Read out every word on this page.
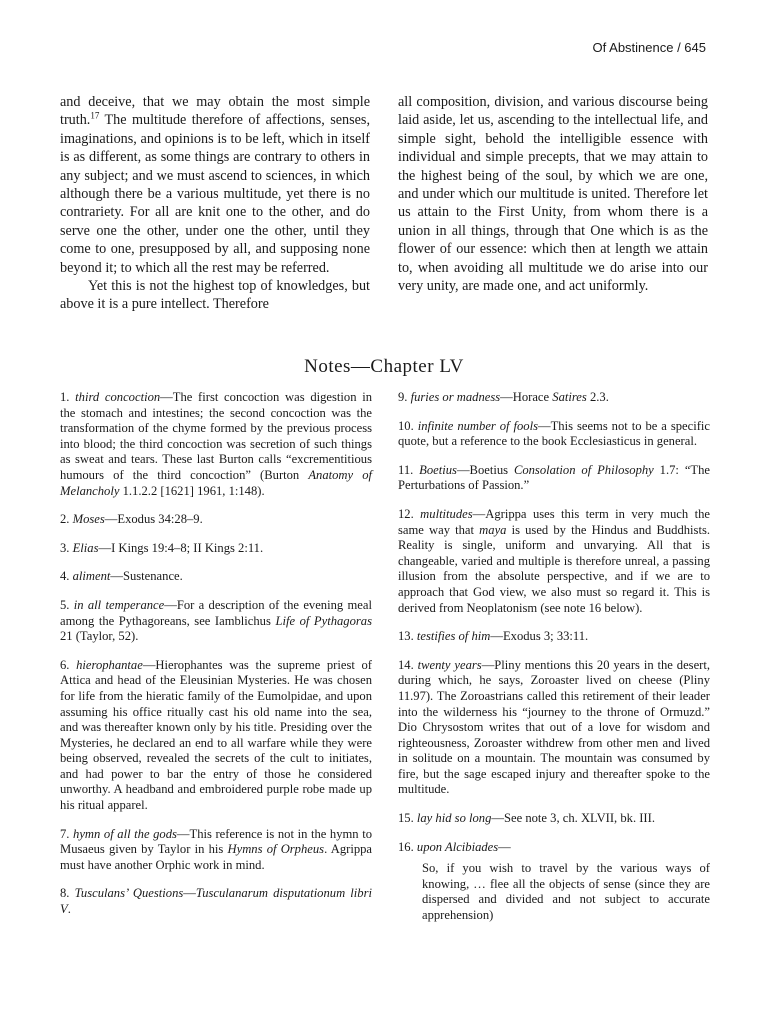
Of Abstinence / 645

and deceive, that we may obtain the most simple truth.$^{17}$ The multitude therefore of affections, senses, imaginations, and opinions is to be left, which in itself is as different, as some things are contrary to others in any subject; and we must ascend to sciences, in which although there be a various multitude, yet there is no contrariety. For all are knit one to the other, and do serve one the other, under one the other, until they come to one, presupposed by all, and supposing none beyond it; to which all the rest may be referred.

Yet this is not the highest top of knowledges, but above it is a pure intellect. Therefore

all composition, division, and various discourse being laid aside, let us, ascending to the intellectual life, and simple sight, behold the intelligible essence with individual and simple precepts, that we may attain to the highest being of the soul, by which we are one, and under which our multitude is united. Therefore let us attain to the First Unity, from whom there is a union in all things, through that One which is as the flower of our essence: which then at length we attain to, when avoiding all multitude we do arise into our very unity, are made one, and act uniformly.

Notes—Chapter LV

1. third concoction—The first concoction was digestion in the stomach and intestines; the second concoction was the transformation of the chyme formed by the previous process into blood; the third concoction was secretion of such things as sweat and tears. These last Burton calls “excrementitious humours of the third concoction” (Burton Anatomy of Melancholy 1.1.2.2 [1621] 1961, 1:148).

2. Moses—Exodus 34:28–9.

3. Elias—I Kings 19:4–8; II Kings 2:11.

4. aliment—Sustenance.

5. in all temperance—For a description of the evening meal among the Pythagoreans, see Iamblichus Life of Pythagoras 21 (Taylor, 52).

6. hierophantae—Hierophantes was the supreme priest of Attica and head of the Eleusinian Mysteries. He was chosen for life from the hieratic family of the Eumolpidae, and upon assuming his office ritually cast his old name into the sea, and was thereafter known only by his title. Presiding over the Mysteries, he declared an end to all warfare while they were being observed, revealed the secrets of the cult to initiates, and had power to bar the entry of those he considered unworthy. A headband and embroidered purple robe made up his ritual apparel.

7. hymn of all the gods—This reference is not in the hymn to Musaeus given by Taylor in his Hymns of Orpheus. Agrippa must have another Orphic work in mind.

8. Tusculans’ Questions—Tusculanarum disputationum libri V.

9. furies or madness—Horace Satires 2.3.

10. infinite number of fools—This seems not to be a specific quote, but a reference to the book Ecclesiasticus in general.

11. Boetius—Boetius Consolation of Philosophy 1.7: “The Perturbations of Passion.”

12. multitudes—Agrippa uses this term in very much the same way that maya is used by the Hindus and Buddhists. Reality is single, uniform and unvarying. All that is changeable, varied and multiple is therefore unreal, a passing illusion from the absolute perspective, and if we are to approach that God view, we also must so regard it. This is derived from Neoplatonism (see note 16 below).

13. testifies of him—Exodus 3; 33:11.

14. twenty years—Pliny mentions this 20 years in the desert, during which, he says, Zoroaster lived on cheese (Pliny 11.97). The Zoroastrians called this retirement of their leader into the wilderness his “journey to the throne of Ormuzd.” Dio Chrysostom writes that out of a love for wisdom and righteousness, Zoroaster withdrew from other men and lived in solitude on a mountain. The mountain was consumed by fire, but the sage escaped injury and thereafter spoke to the multitude.

15. lay hid so long—See note 3, ch. XLVII, bk. III.

16. upon Alcibiades—
So, if you wish to travel by the various ways of knowing, … flee all the objects of sense (since they are dispersed and divided and not subject to accurate apprehension)
